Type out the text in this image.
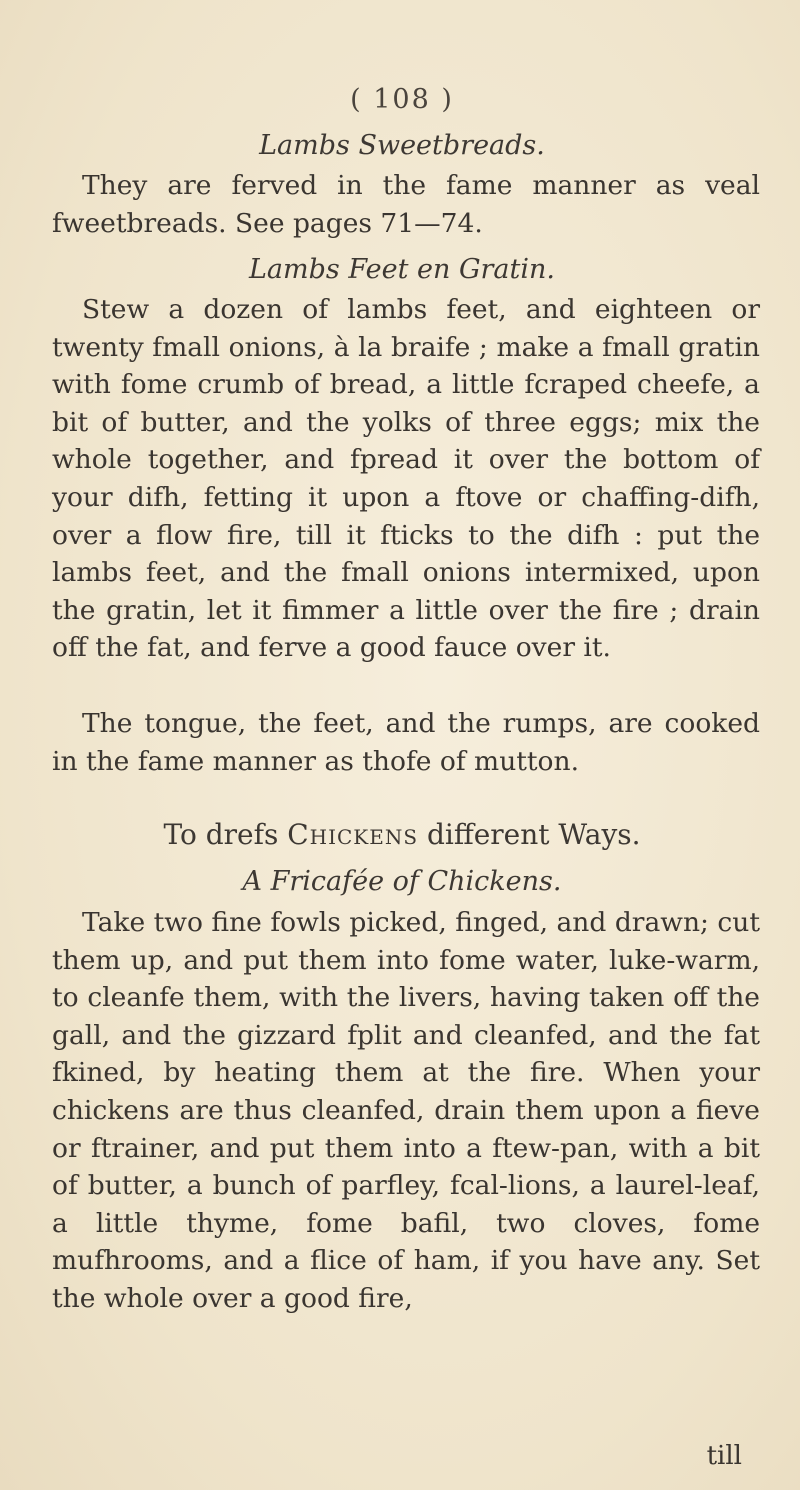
( 108 )
Lambs Sweetbreads.
They are ferved in the fame manner as veal fweetbreads. See pages 71—74.
Lambs Feet en Gratin.
Stew a dozen of lambs feet, and eighteen or twenty fmall onions, à la braife ; make a fmall gratin with fome crumb of bread, a little fcraped cheefe, a bit of butter, and the yolks of three eggs; mix the whole together, and fpread it over the bottom of your difh, fetting it upon a ftove or chaffing-difh, over a flow fire, till it fticks to the difh : put the lambs feet, and the fmall onions intermixed, upon the gratin, let it fimmer a little over the fire ; drain off the fat, and ferve a good fauce over it.
The tongue, the feet, and the rumps, are cooked in the fame manner as thofe of mutton.
To drefs Chickens different Ways.
A Fricafée of Chickens.
Take two fine fowls picked, finged, and drawn; cut them up, and put them into fome water, luke-warm, to cleanfe them, with the livers, having taken off the gall, and the gizzard fplit and cleanfed, and the fat fkined, by heating them at the fire. When your chickens are thus cleanfed, drain them upon a fieve or ftrainer, and put them into a ftew-pan, with a bit of butter, a bunch of parfley, fcal-lions, a laurel-leaf, a little thyme, fome bafil, two cloves, fome mufhrooms, and a flice of ham, if you have any. Set the whole over a good fire,
till
